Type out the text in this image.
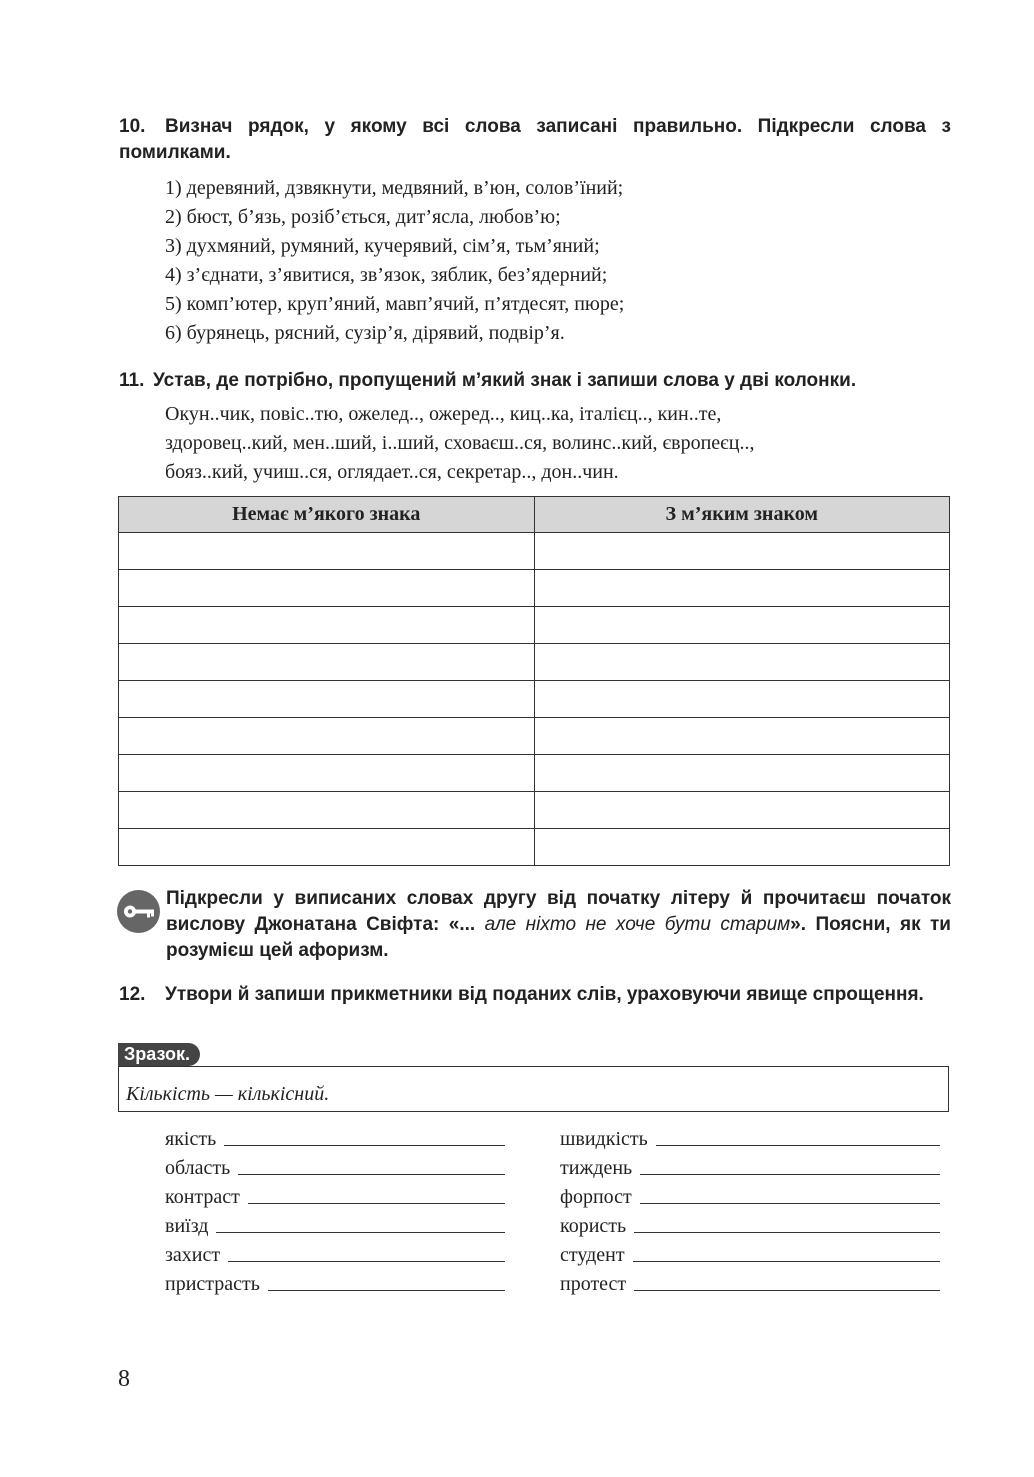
10. Визнач рядок, у якому всі слова записані правильно. Підкресли слова з помилками.
1) деревяний, дзвякнути, медвяний, в’юн, солов’їний;
2) бюст, б’язь, розіб’ється, дит’ясла, любов’ю;
3) духмяний, румяний, кучерявий, сім’я, тьм’яний;
4) з’єднати, з’явитися, зв’язок, зяблик, без’ядерний;
5) комп’ютер, круп’яний, мавп’ячий, п’ятдесят, пюре;
6) бурянець, рясний, сузір’я, дірявий, подвір’я.
11. Устав, де потрібно, пропущений м’який знак і запиши слова у дві колонки.
Окун..чик, повіс..тю, ожелед.., ожеред.., киц..ка, італієц.., кин..те,
здоровец..кий, мен..ший, і..ший, сховаєш..ся, волинс..кий, європеєц..,
бояз..кий, учиш..ся, оглядает..ся, секретар.., дон..чин.
Немає м’якого знака	З м’яким знаком

Підкресли у виписаних словах другу від початку літеру й прочитаєш початок вислову Джонатана Свіфта: «... але ніхто не хоче бути старим». Поясни, як ти розумієш цей афоризм.
12. Утвори й запиши прикметники від поданих слів, ураховуючи явище спрощення.
Зразок.
Кількість — кількісний.
якість
область
контраст
виїзд
захист
пристрасть
швидкість
тиждень
форпост
користь
студент
протест
8
